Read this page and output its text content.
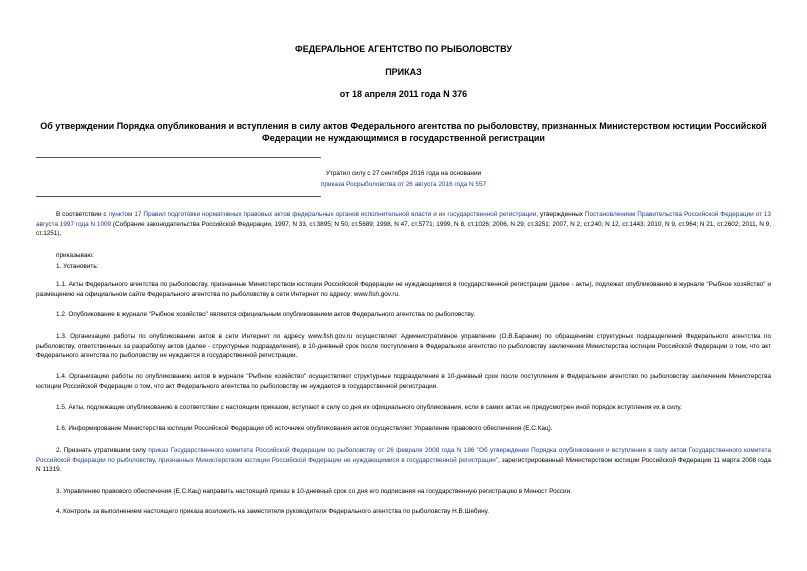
ФЕДЕРАЛЬНОЕ АГЕНТСТВО ПО РЫБОЛОВСТВУ
ПРИКАЗ
от 18 апреля 2011 года N 376
Об утверждении Порядка опубликования и вступления в силу актов Федерального агентства по рыболовству, признанных Министерством юстиции Российской Федерации не нуждающимися в государственной регистрации
Утратил силу с 27 сентября 2016 года на основании
приказа Росрыболовства от 26 августа 2016 года N 557
В соответствии с пунктом 17 Правил подготовки нормативных правовых актов федеральных органов исполнительной власти и их государственной регистрации, утвержденных Постановлением Правительства Российской Федерации от 13 августа 1997 года N 1009 (Собрание законодательства Российской Федерации, 1997, N 33, ст.3895; N 50, ст.5689; 1998, N 47, ст.5771; 1999, N 8, ст.1026; 2006, N 29, ст.3251; 2007, N 2, ст.240; N 12, ст.1443; 2010, N 9, ст.964; N 21, ст.2602; 2011, N 9, ст.1251),
приказываю:
1. Установить:
1.1. Акты Федерального агентства по рыболовству, признанные Министерством юстиции Российской Федерации не нуждающимися в государственной регистрации (далее - акты), подлежат опубликованию в журнале "Рыбное хозяйство" и размещению на официальном сайте Федерального агентства по рыболовству в сети Интернет по адресу: www.fish.gov.ru.
1.2. Опубликование в журнале "Рыбное хозяйство" является официальным опубликованием актов Федерального агентства по рыболовству.
1.3. Организацию работы по опубликованию актов в сети Интернет по адресу www.fish.gov.ru осуществляет Административное управление (О.В.Бараник) по обращениям структурных подразделений Федерального агентства по рыболовству, ответственных за разработку актов (далее - структурные подразделения), в 10-дневный срок после поступления в Федеральное агентство по рыболовству заключения Министерства юстиции Российской Федерации о том, что акт Федерального агентства по рыболовству не нуждается в государственной регистрации.
1.4. Организацию работы по опубликованию актов в журнале "Рыбное хозяйство" осуществляют структурные подразделения в 10-дневный срок после поступления в Федеральное агентство по рыболовству заключения Министерства юстиции Российской Федерации о том, что акт Федерального агентства по рыболовству не нуждается в государственной регистрации.
1.5. Акты, подлежащие опубликованию в соответствии с настоящим приказом, вступают в силу со дня их официального опубликования, если в самих актах не предусмотрен иной порядок вступления их в силу.
1.6. Информирование Министерства юстиции Российской Федерации об источнике опубликования актов осуществляет Управление правового обеспечения (Е.С.Кац).
2. Признать утратившим силу приказ Государственного комитета Российской Федерации по рыболовству от 26 февраля 2008 года N 186 "Об утверждении Порядка опубликования и вступления в силу актов Государственного комитета Российской Федерации по рыболовству, признанных Министерством юстиции Российской Федерации не нуждающимися в государственной регистрации", зарегистрированный Министерством юстиции Российской Федерации 11 марта 2008 года N 11319.
3. Управлению правового обеспечения (Е.С.Кац) направить настоящий приказ в 10-дневный срок со дня его подписания на государственную регистрацию в Минюст России.
4. Контроль за выполнением настоящего приказа возложить на заместителя руководителя Федерального агентства по рыболовству Н.В.Шебину.
